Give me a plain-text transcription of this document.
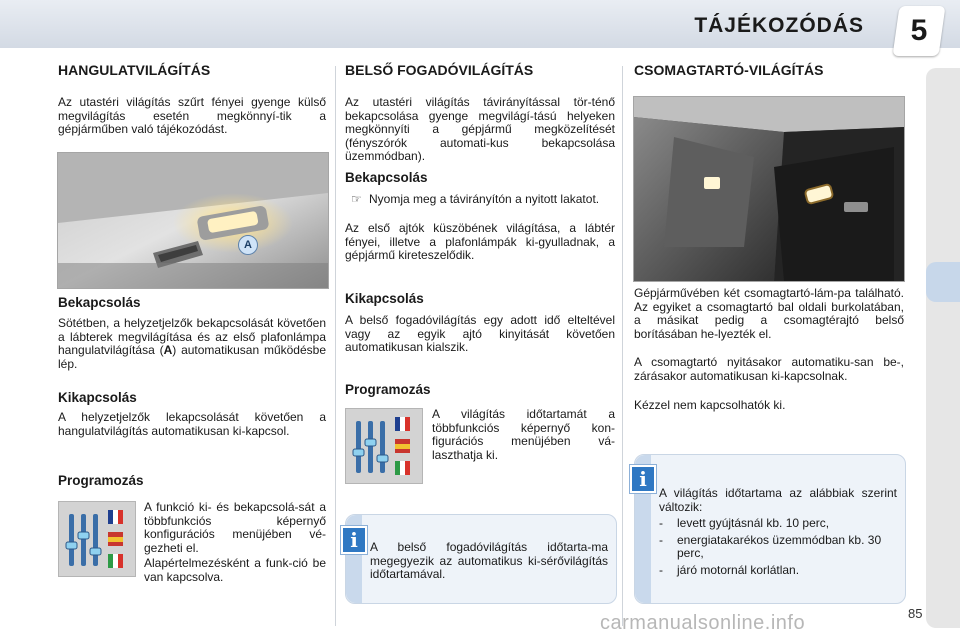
TÁJÉKOZÓDÁS	5
HANGULATVILÁGÍTÁS
Az utastéri világítás szűrt fényei gyenge külső megvilágítás esetén megkönnyí-tik a gépjárműben való tájékozódást.
A
Bekapcsolás
Sötétben, a helyzetjelzők bekapcsolását követően a lábterek megvilágítása és az első plafonlámpa hangulatvilágítása (A) automatikusan működésbe lép.
Kikapcsolás
A helyzetjelzők lekapcsolását követően a hangulatvilágítás automatikusan ki-kapcsol.
Programozás
A funkció ki- és bekapcsolá-sát a többfunkciós képernyő konfigurációs menüjében vé-gezheti el.
Alapértelmezésként a funk-ció be van kapcsolva.
BELSŐ FOGADÓVILÁGÍTÁS
Az utastéri világítás távirányítással tör-ténő bekapcsolása gyenge megvilágí-tású helyeken megkönnyíti a gépjármű megközelítését (fényszórók automati-kus bekapcsolása üzemmódban).
Bekapcsolás
☞ Nyomja meg a távirányítón a nyitott lakatot.
Az első ajtók küszöbének világítása, a lábtér fényei, illetve a plafonlámpák ki-gyulladnak, a gépjármű kireteszelődik.
Kikapcsolás
A belső fogadóvilágítás egy adott idő elteltével vagy az egyik ajtó kinyitását követően automatikusan kialszik.
Programozás
A világítás időtartamát a többfunkciós képernyő kon-figurációs menüjében vá-laszthatja ki.
A belső fogadóvilágítás időtarta-ma megegyezik az automatikus ki-sérővilágítás időtartamával.
i
CSOMAGTARTÓ-VILÁGÍTÁS
Gépjárművében két csomagtartó-lám-pa található. Az egyiket a csomagtartó bal oldali burkolatában, a másikat pedig a csomagtérajtó belső borításában he-lyezték el.
A csomagtartó nyitásakor automatiku-san be-, zárásakor automatikusan ki-kapcsolnak.
Kézzel nem kapcsolhatók ki.
A világítás időtartama az alábbiak szerint változik:
- levett gyújtásnál kb. 10 perc,
- energiatakarékos üzemmódban kb. 30 perc,
- járó motornál korlátlan.
i
carmanualsonline.info	85
